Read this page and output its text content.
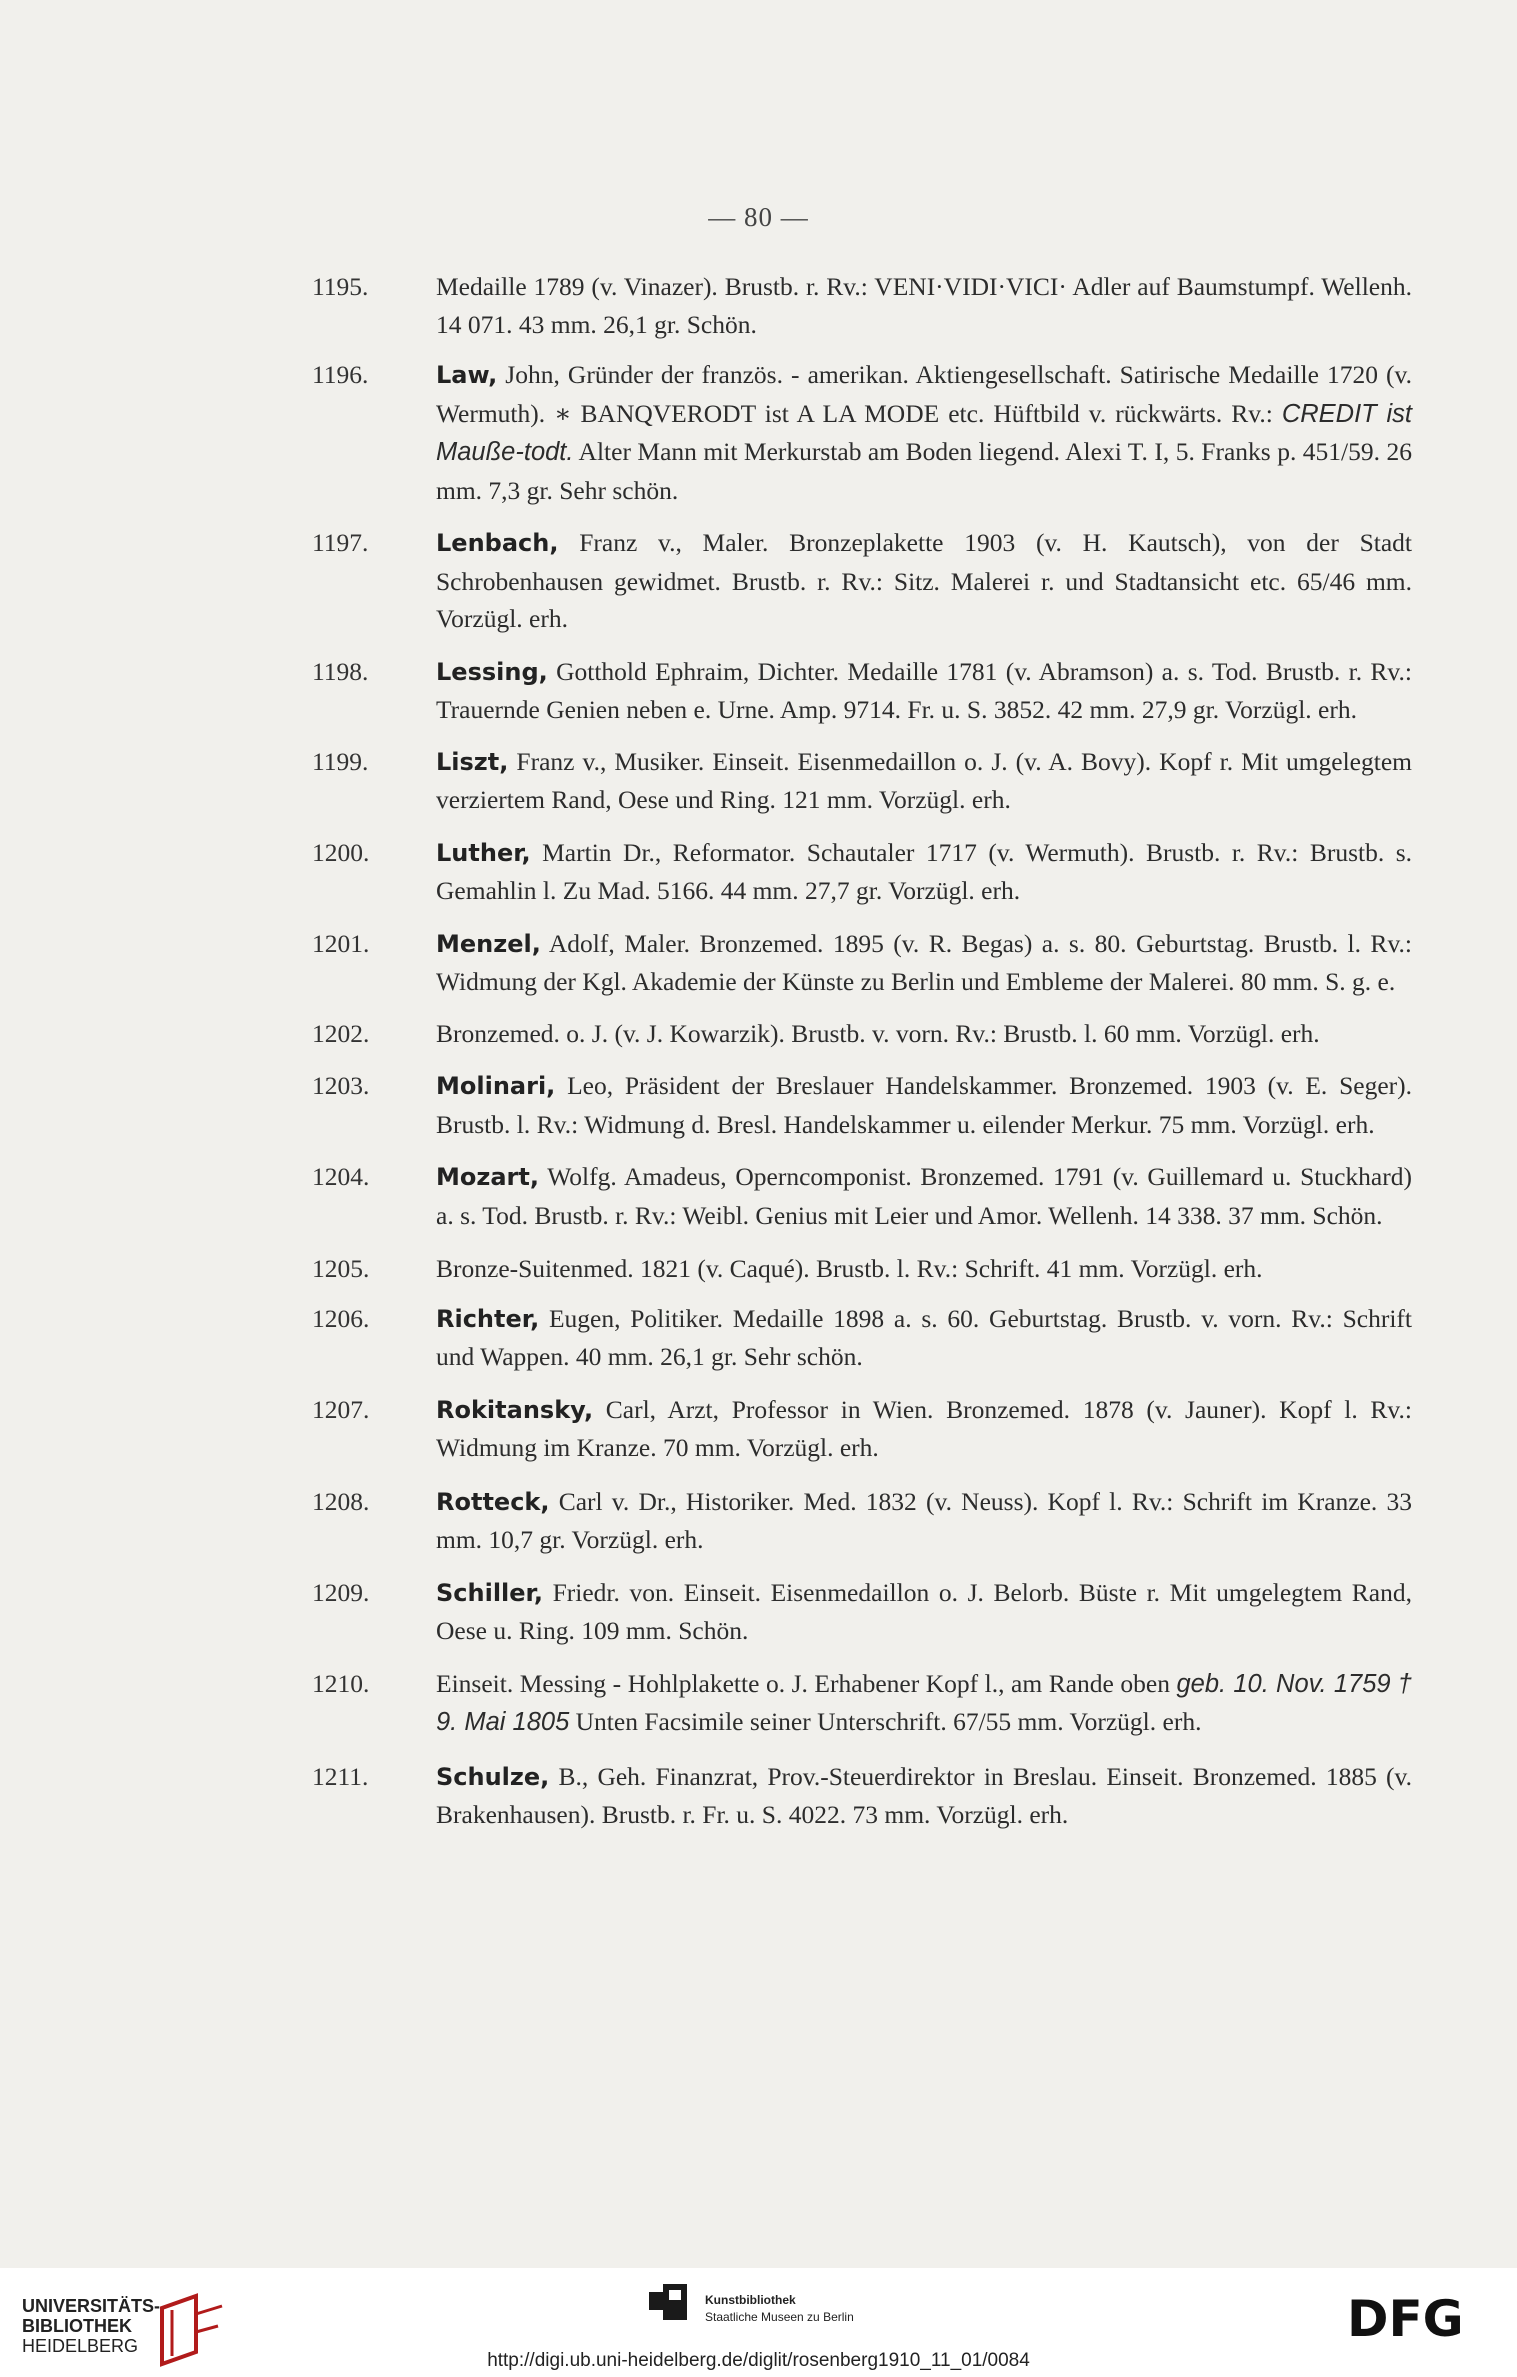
— 80 —

1195.	Medaille 1789 (v. Vinazer). Brustb. r. Rv.: VENI·VIDI·VICI· Adler auf Baumstumpf. Wellenh. 14 071. 43 mm. 26,1 gr. Schön.

1196.	Law, John, Gründer der französ. - amerikan. Aktiengesellschaft. Satirische Medaille 1720 (v. Wermuth). ∗ BANQVERODT ist A LA MODE etc. Hüftbild v. rückwärts. Rv.: CREDIT ist Mauße-todt. Alter Mann mit Merkurstab am Boden liegend. Alexi T. I, 5. Franks p. 451/59. 26 mm. 7,3 gr. Sehr schön.

1197.	Lenbach, Franz v., Maler. Bronzeplakette 1903 (v. H. Kautsch), von der Stadt Schrobenhausen gewidmet. Brustb. r. Rv.: Sitz. Malerei r. und Stadtansicht etc. 65/46 mm. Vorzügl. erh.

1198.	Lessing, Gotthold Ephraim, Dichter. Medaille 1781 (v. Abramson) a. s. Tod. Brustb. r. Rv.: Trauernde Genien neben e. Urne. Amp. 9714. Fr. u. S. 3852. 42 mm. 27,9 gr. Vorzügl. erh.

1199.	Liszt, Franz v., Musiker. Einseit. Eisenmedaillon o. J. (v. A. Bovy). Kopf r. Mit umgelegtem verziertem Rand, Oese und Ring. 121 mm. Vorzügl. erh.

1200.	Luther, Martin Dr., Reformator. Schautaler 1717 (v. Wermuth). Brustb. r. Rv.: Brustb. s. Gemahlin l. Zu Mad. 5166. 44 mm. 27,7 gr. Vorzügl. erh.

1201.	Menzel, Adolf, Maler. Bronzemed. 1895 (v. R. Begas) a. s. 80. Geburtstag. Brustb. l. Rv.: Widmung der Kgl. Akademie der Künste zu Berlin und Embleme der Malerei. 80 mm. S. g. e.

1202.	Bronzemed. o. J. (v. J. Kowarzik). Brustb. v. vorn. Rv.: Brustb. l. 60 mm. Vorzügl. erh.

1203.	Molinari, Leo, Präsident der Breslauer Handelskammer. Bronzemed. 1903 (v. E. Seger). Brustb. l. Rv.: Widmung d. Bresl. Handelskammer u. eilender Merkur. 75 mm. Vorzügl. erh.

1204.	Mozart, Wolfg. Amadeus, Operncomponist. Bronzemed. 1791 (v. Guillemard u. Stuckhard) a. s. Tod. Brustb. r. Rv.: Weibl. Genius mit Leier und Amor. Wellenh. 14 338. 37 mm. Schön.

1205.	Bronze-Suitenmed. 1821 (v. Caqué). Brustb. l. Rv.: Schrift. 41 mm. Vorzügl. erh.

1206.	Richter, Eugen, Politiker. Medaille 1898 a. s. 60. Geburtstag. Brustb. v. vorn. Rv.: Schrift und Wappen. 40 mm. 26,1 gr. Sehr schön.

1207.	Rokitansky, Carl, Arzt, Professor in Wien. Bronzemed. 1878 (v. Jauner). Kopf l. Rv.: Widmung im Kranze. 70 mm. Vorzügl. erh.

1208.	Rotteck, Carl v. Dr., Historiker. Med. 1832 (v. Neuss). Kopf l. Rv.: Schrift im Kranze. 33 mm. 10,7 gr. Vorzügl. erh.

1209.	Schiller, Friedr. von. Einseit. Eisenmedaillon o. J. Belorb. Büste r. Mit umgelegtem Rand, Oese u. Ring. 109 mm. Schön.

1210.	Einseit. Messing - Hohlplakette o. J. Erhabener Kopf l., am Rande oben geb. 10. Nov. 1759 † 9. Mai 1805 Unten Facsimile seiner Unterschrift. 67/55 mm. Vorzügl. erh.

1211.	Schulze, B., Geh. Finanzrat, Prov.-Steuerdirektor in Breslau. Einseit. Bronzemed. 1885 (v. Brakenhausen). Brustb. r. Fr. u. S. 4022. 73 mm. Vorzügl. erh.

UNIVERSITÄTS-
BIBLIOTHEK
HEIDELBERG
Kunstbibliothek
Staatliche Museen zu Berlin	DFG
http://digi.ub.uni-heidelberg.de/diglit/rosenberg1910_11_01/0084
